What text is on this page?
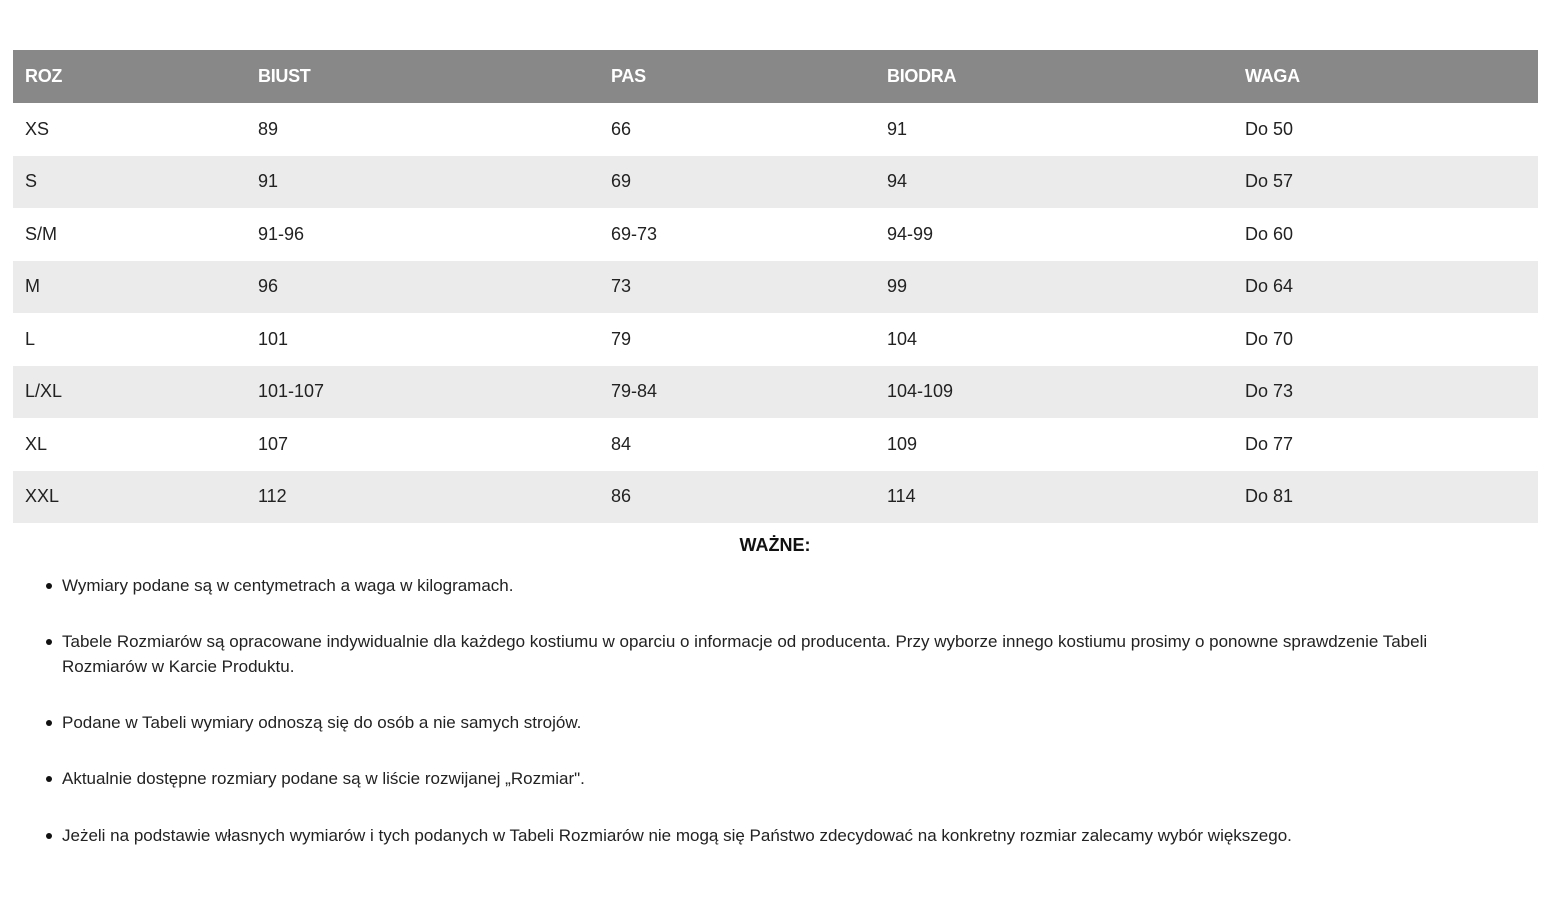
ROZ	BIUST	PAS	BIODRA	WAGA
XS	89	66	91	Do 50
S	91	69	94	Do 57
S/M	91-96	69-73	94-99	Do 60
M	96	73	99	Do 64
L	101	79	104	Do 70
L/XL	101-107	79-84	104-109	Do 73
XL	107	84	109	Do 77
XXL	112	86	114	Do 81
WAŻNE:
Wymiary podane są w centymetrach a waga w kilogramach.
Tabele Rozmiarów są opracowane indywidualnie dla każdego kostiumu w oparciu o informacje od producenta. Przy wyborze innego kostiumu prosimy o ponowne sprawdzenie Tabeli Rozmiarów w Karcie Produktu.
Podane w Tabeli wymiary odnoszą się do osób a nie samych strojów.
Aktualnie dostępne rozmiary podane są w liście rozwijanej „Rozmiar".
Jeżeli na podstawie własnych wymiarów i tych podanych w Tabeli Rozmiarów nie mogą się Państwo zdecydować na konkretny rozmiar zalecamy wybór większego.
